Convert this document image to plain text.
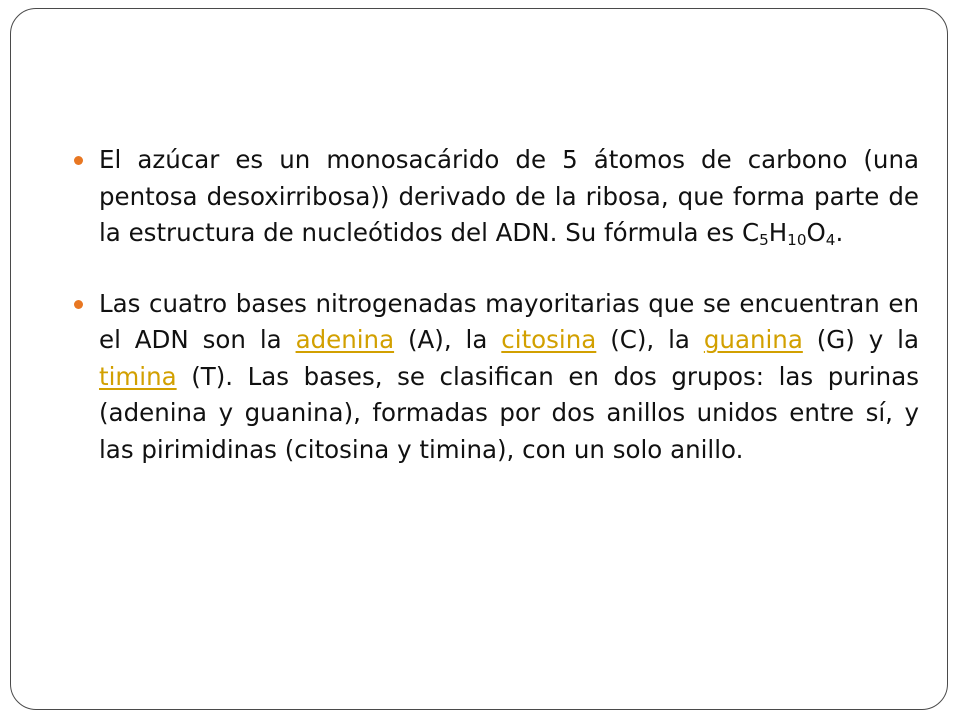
El azúcar es un monosacárido de 5 átomos de carbono (una pentosa desoxirribosa)) derivado de la ribosa, que forma parte de la estructura de nucleótidos del ADN. Su fórmula es $C_5H_{10}O_4$.

Las cuatro bases nitrogenadas mayoritarias que se encuentran en el ADN son la adenina (A), la citosina (C), la guanina (G) y la timina (T). Las bases, se clasifican en dos grupos: las purinas (adenina y guanina), formadas por dos anillos unidos entre sí, y las pirimidinas (citosina y timina), con un solo anillo.
